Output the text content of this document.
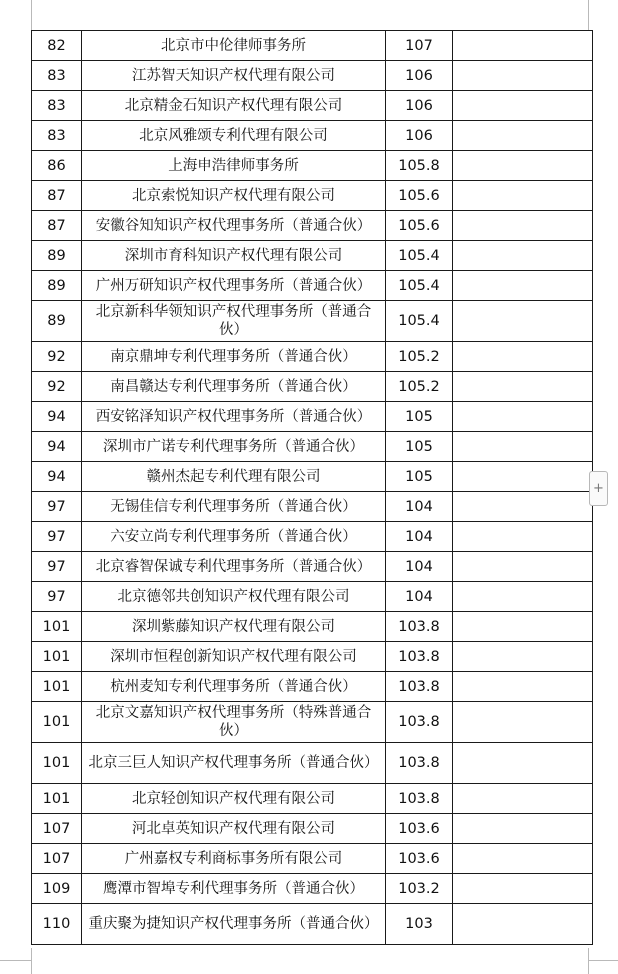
82	北京市中伦律师事务所	107	
83	江苏智天知识产权代理有限公司	106	
83	北京精金石知识产权代理有限公司	106	
83	北京风雅颂专利代理有限公司	106	
86	上海申浩律师事务所	105.8	
87	北京索悦知识产权代理有限公司	105.6	
87	安徽谷知知识产权代理事务所（普通合伙）	105.6	
89	深圳市育科知识产权代理有限公司	105.4	
89	广州万研知识产权代理事务所（普通合伙）	105.4	
89	北京新科华领知识产权代理事务所（普通合伙）	105.4	
92	南京鼎坤专利代理事务所（普通合伙）	105.2	
92	南昌赣达专利代理事务所（普通合伙）	105.2	
94	西安铭泽知识产权代理事务所（普通合伙）	105	
94	深圳市广诺专利代理事务所（普通合伙）	105	
94	赣州杰起专利代理有限公司	105	
97	无锡佳信专利代理事务所（普通合伙）	104	
97	六安立尚专利代理事务所（普通合伙）	104	
97	北京睿智保诚专利代理事务所（普通合伙）	104	
97	北京德邻共创知识产权代理有限公司	104	
101	深圳紫藤知识产权代理有限公司	103.8	
101	深圳市恒程创新知识产权代理有限公司	103.8	
101	杭州麦知专利代理事务所（普通合伙）	103.8	
101	北京文嘉知识产权代理事务所（特殊普通合伙）	103.8	
101	北京三巨人知识产权代理事务所（普通合伙）	103.8	
101	北京轻创知识产权代理有限公司	103.8	
107	河北卓英知识产权代理有限公司	103.6	
107	广州嘉权专利商标事务所有限公司	103.6	
109	鹰潭市智埠专利代理事务所（普通合伙）	103.2	
110	重庆聚为捷知识产权代理事务所（普通合伙）	103	
+
